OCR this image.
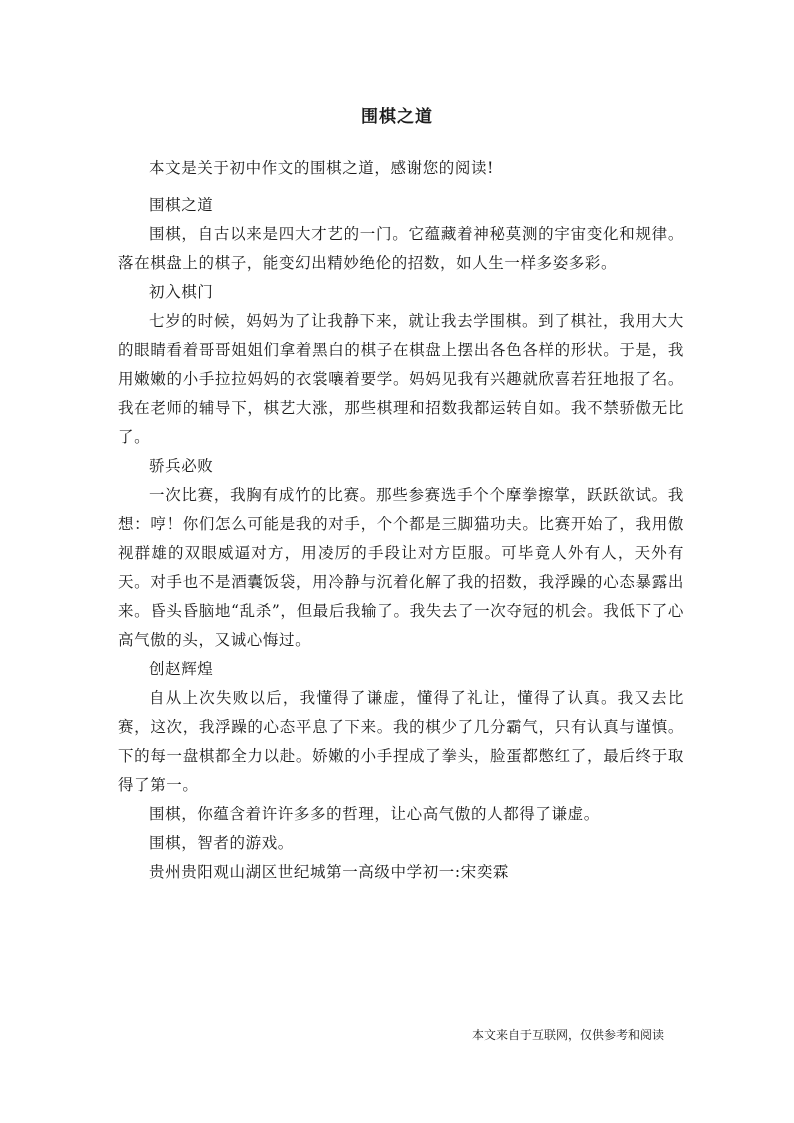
围棋之道

本文是关于初中作文的围棋之道，感谢您的阅读!

围棋之道

围棋，自古以来是四大才艺的一门。它蕴藏着神秘莫测的宇宙变化和规律。落在棋盘上的棋子，能变幻出精妙绝伦的招数，如人生一样多姿多彩。

初入棋门

七岁的时候，妈妈为了让我静下来，就让我去学围棋。到了棋社，我用大大的眼睛看着哥哥姐姐们拿着黑白的棋子在棋盘上摆出各色各样的形状。于是，我用嫩嫩的小手拉拉妈妈的衣裳嚷着要学。妈妈见我有兴趣就欣喜若狂地报了名。我在老师的辅导下，棋艺大涨，那些棋理和招数我都运转自如。我不禁骄傲无比了。

骄兵必败

一次比赛，我胸有成竹的比赛。那些参赛选手个个摩拳擦掌，跃跃欲试。我想：哼！你们怎么可能是我的对手，个个都是三脚猫功夫。比赛开始了，我用傲视群雄的双眼威逼对方，用凌厉的手段让对方臣服。可毕竟人外有人，天外有天。对手也不是酒囊饭袋，用冷静与沉着化解了我的招数，我浮躁的心态暴露出来。昏头昏脑地“乱杀”，但最后我输了。我失去了一次夺冠的机会。我低下了心高气傲的头，又诚心悔过。

创赵辉煌

自从上次失败以后，我懂得了谦虚，懂得了礼让，懂得了认真。我又去比赛，这次，我浮躁的心态平息了下来。我的棋少了几分霸气，只有认真与谨慎。下的每一盘棋都全力以赴。娇嫩的小手捏成了拳头，脸蛋都憋红了，最后终于取得了第一。

围棋，你蕴含着许许多多的哲理，让心高气傲的人都得了谦虚。

围棋，智者的游戏。

贵州贵阳观山湖区世纪城第一高级中学初一:宋奕霖

本文来自于互联网，仅供参考和阅读
